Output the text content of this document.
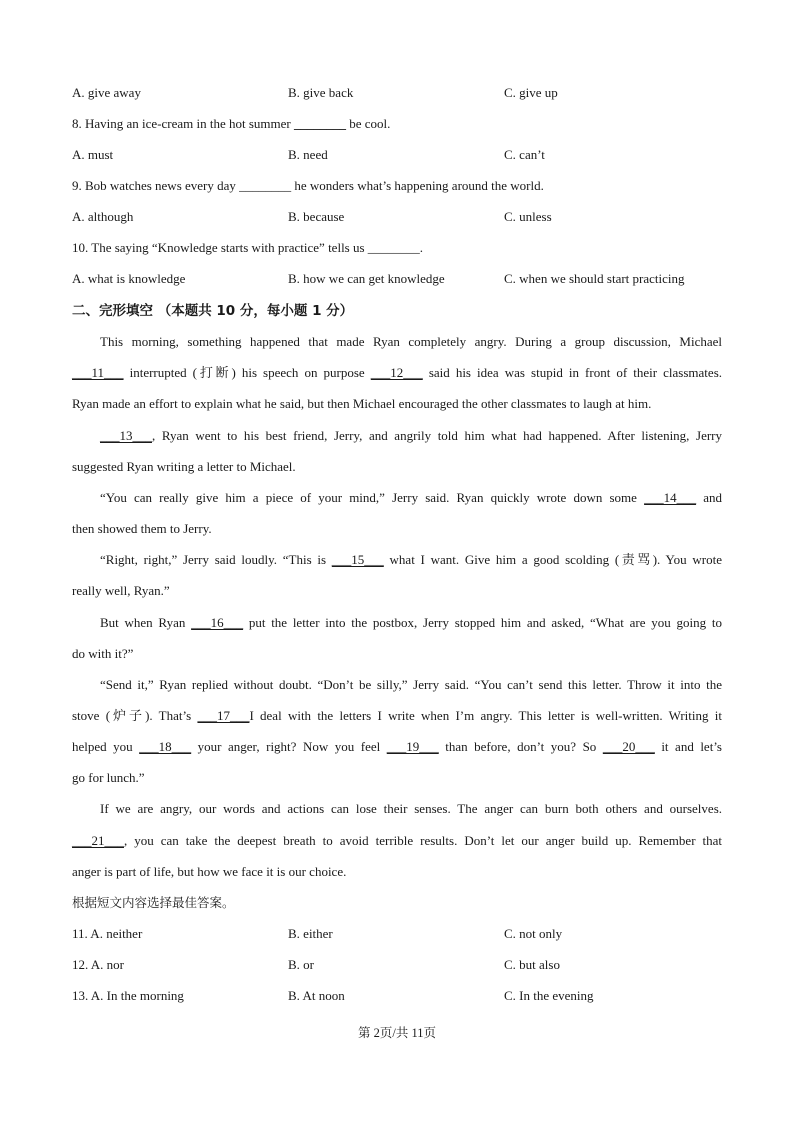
A. give away	B. give back	C. give up
8. Having an ice-cream in the hot summer ________ be cool.
A. must	B. need	C. can’t
9. Bob watches news every day ________ he wonders what’s happening around the world.
A. although	B. because	C. unless
10. The saying “Knowledge starts with practice” tells us ________.
A. what is knowledge	B. how we can get knowledge	C. when we should start practicing
二、完形填空 （本题共 10 分，每小题 1 分）
This morning, something happened that made Ryan completely angry. During a group discussion, Michael
___11___ interrupted (打断) his speech on purpose ___12___ said his idea was stupid in front of their classmates.
Ryan made an effort to explain what he said, but then Michael encouraged the other classmates to laugh at him.
___13___, Ryan went to his best friend, Jerry, and angrily told him what had happened. After listening, Jerry
suggested Ryan writing a letter to Michael.
“You can really give him a piece of your mind,” Jerry said. Ryan quickly wrote down some ___14___ and
then showed them to Jerry.
“Right, right,” Jerry said loudly. “This is ___15___ what I want. Give him a good scolding (责骂). You wrote
really well, Ryan.”
But when Ryan ___16___ put the letter into the postbox, Jerry stopped him and asked, “What are you going to
do with it?”
“Send it,” Ryan replied without doubt. “Don’t be silly,” Jerry said. “You can’t send this letter. Throw it into the
stove (炉子). That’s ___17___I deal with the letters I write when I’m angry. This letter is well-written. Writing it
helped you ___18___ your anger, right? Now you feel ___19___ than before, don’t you? So ___20___ it and let’s
go for lunch.”
If we are angry, our words and actions can lose their senses. The anger can burn both others and ourselves.
___21___, you can take the deepest breath to avoid terrible results. Don’t let our anger build up. Remember that
anger is part of life, but how we face it is our choice.
根据短文内容选择最佳答案。
11. A. neither	B. either	C. not only
12. A. nor	B. or	C. but also
13. A. In the morning	B. At noon	C. In the evening
第 2页/共 11页
